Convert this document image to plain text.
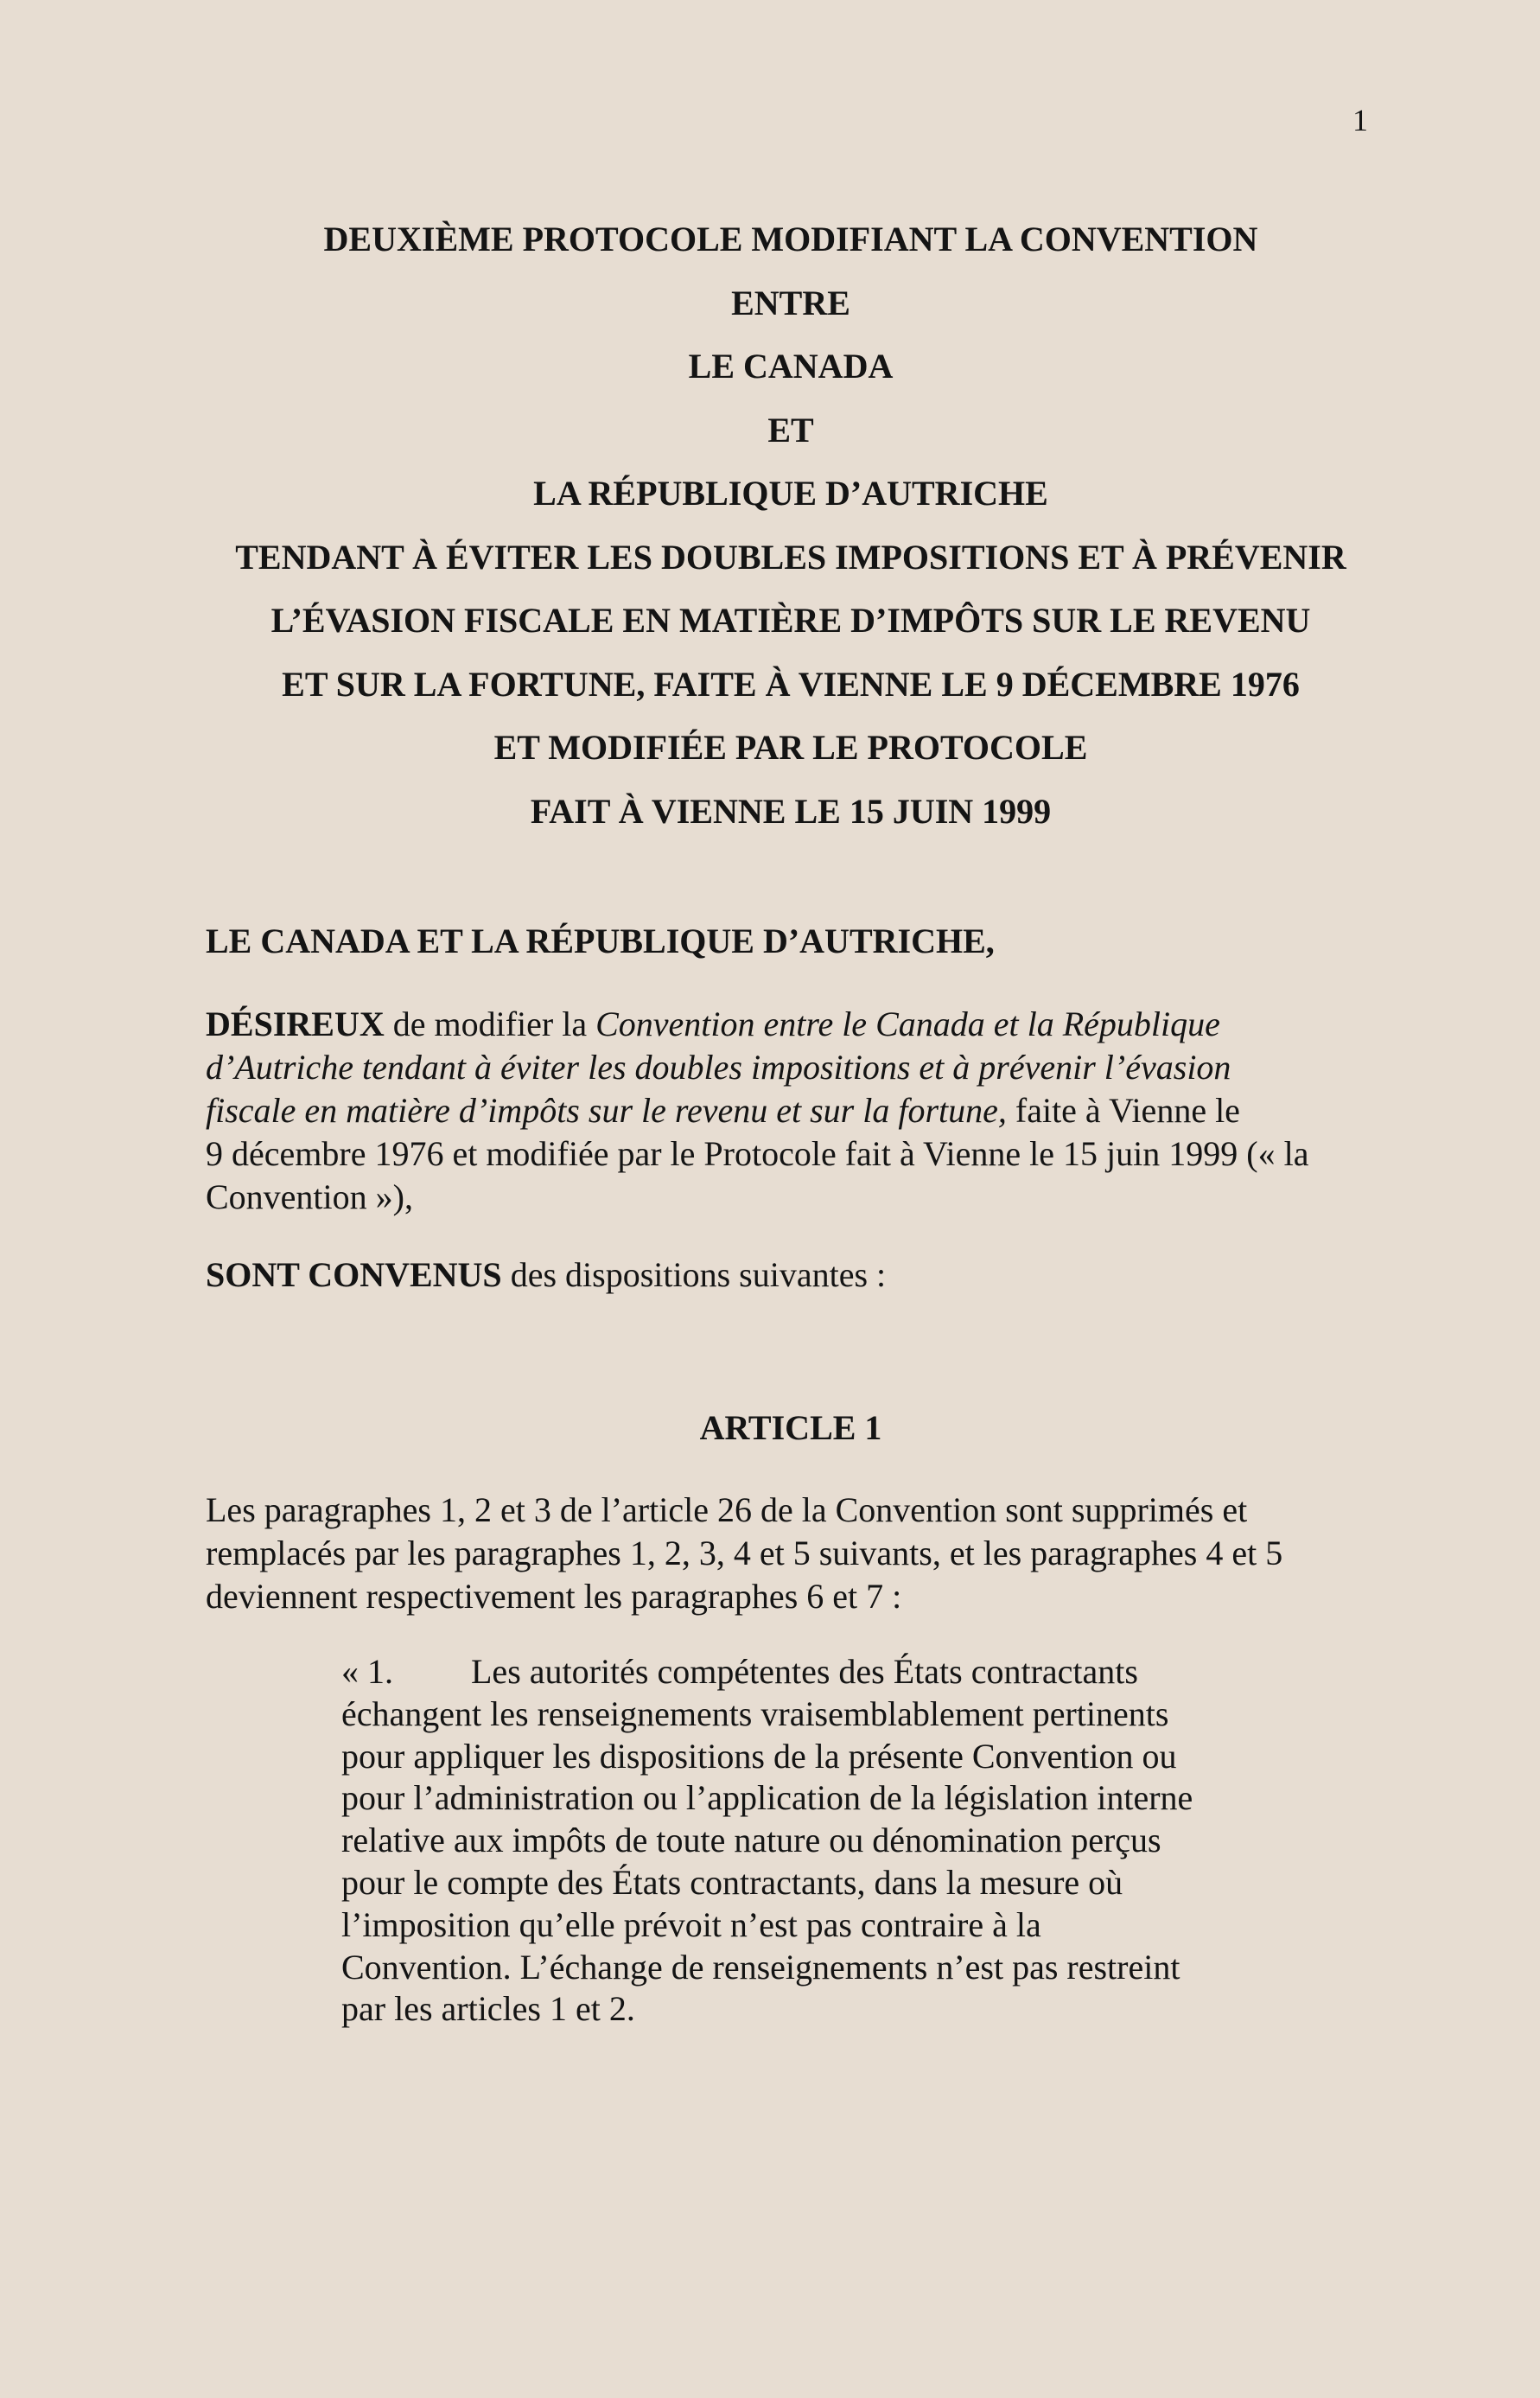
1
DEUXIÈME PROTOCOLE MODIFIANT LA CONVENTION
ENTRE
LE CANADA
ET
LA RÉPUBLIQUE D’AUTRICHE
TENDANT À ÉVITER LES DOUBLES IMPOSITIONS ET À PRÉVENIR
L’ÉVASION FISCALE EN MATIÈRE D’IMPÔTS SUR LE REVENU
ET SUR LA FORTUNE, FAITE À VIENNE LE 9 DÉCEMBRE 1976
ET MODIFIÉE PAR LE PROTOCOLE
FAIT À VIENNE LE 15 JUIN 1999
LE CANADA ET LA RÉPUBLIQUE D’AUTRICHE,
DÉSIREUX de modifier la Convention entre le Canada et la République
d’Autriche tendant à éviter les doubles impositions et à prévenir l’évasion
fiscale en matière d’impôts sur le revenu et sur la fortune, faite à Vienne le
9 décembre 1976 et modifiée par le Protocole fait à Vienne le 15 juin 1999 (« la
Convention »),
SONT CONVENUS des dispositions suivantes :
ARTICLE 1
Les paragraphes 1, 2 et 3 de l’article 26 de la Convention sont supprimés et
remplacés par les paragraphes 1, 2, 3, 4 et 5 suivants, et les paragraphes 4 et 5
deviennent respectivement les paragraphes 6 et 7 :
« 1. Les autorités compétentes des États contractants
échangent les renseignements vraisemblablement pertinents
pour appliquer les dispositions de la présente Convention ou
pour l’administration ou l’application de la législation interne
relative aux impôts de toute nature ou dénomination perçus
pour le compte des États contractants, dans la mesure où
l’imposition qu’elle prévoit n’est pas contraire à la
Convention. L’échange de renseignements n’est pas restreint
par les articles 1 et 2.
